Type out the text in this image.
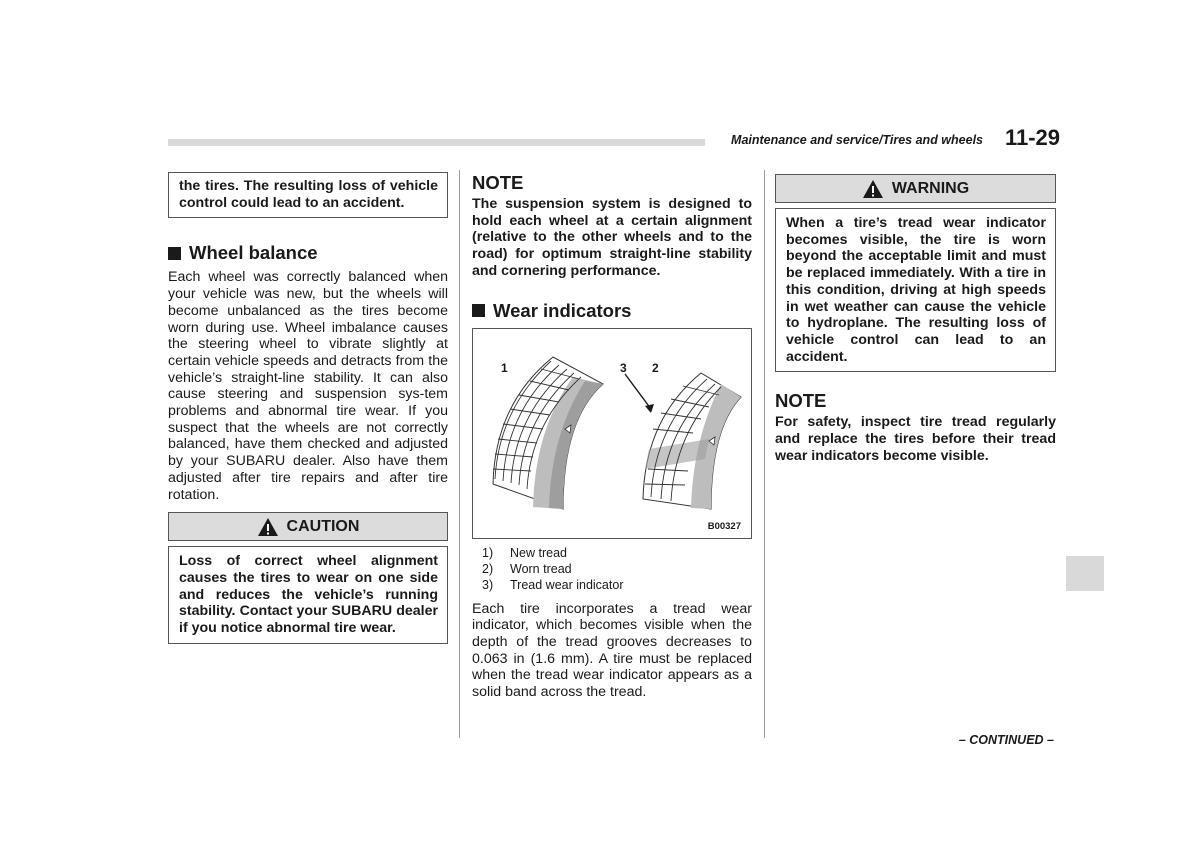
Maintenance and service/Tires and wheels 11-29
the tires. The resulting loss of vehicle control could lead to an accident.
Wheel balance
Each wheel was correctly balanced when your vehicle was new, but the wheels will become unbalanced as the tires become worn during use. Wheel imbalance causes the steering wheel to vibrate slightly at certain vehicle speeds and detracts from the vehicle’s straight-line stability. It can also cause steering and suspension sys-tem problems and abnormal tire wear. If you suspect that the wheels are not correctly balanced, have them checked and adjusted by your SUBARU dealer. Also have them adjusted after tire repairs and after tire rotation.
CAUTION
Loss of correct wheel alignment causes the tires to wear on one side and reduces the vehicle’s running stability. Contact your SUBARU dealer if you notice abnormal tire wear.
NOTE
The suspension system is designed to hold each wheel at a certain alignment (relative to the other wheels and to the road) for optimum straight-line stability and cornering performance.
Wear indicators
1	3 2
B00327
1)	New tread
2)	Worn tread
3)	Tread wear indicator
Each tire incorporates a tread wear indicator, which becomes visible when the depth of the tread grooves decreases to 0.063 in (1.6 mm). A tire must be replaced when the tread wear indicator appears as a solid band across the tread.
WARNING
When a tire’s tread wear indicator becomes visible, the tire is worn beyond the acceptable limit and must be replaced immediately. With a tire in this condition, driving at high speeds in wet weather can cause the vehicle to hydroplane. The resulting loss of vehicle control can lead to an accident.
NOTE
For safety, inspect tire tread regularly and replace the tires before their tread wear indicators become visible.
– CONTINUED –
